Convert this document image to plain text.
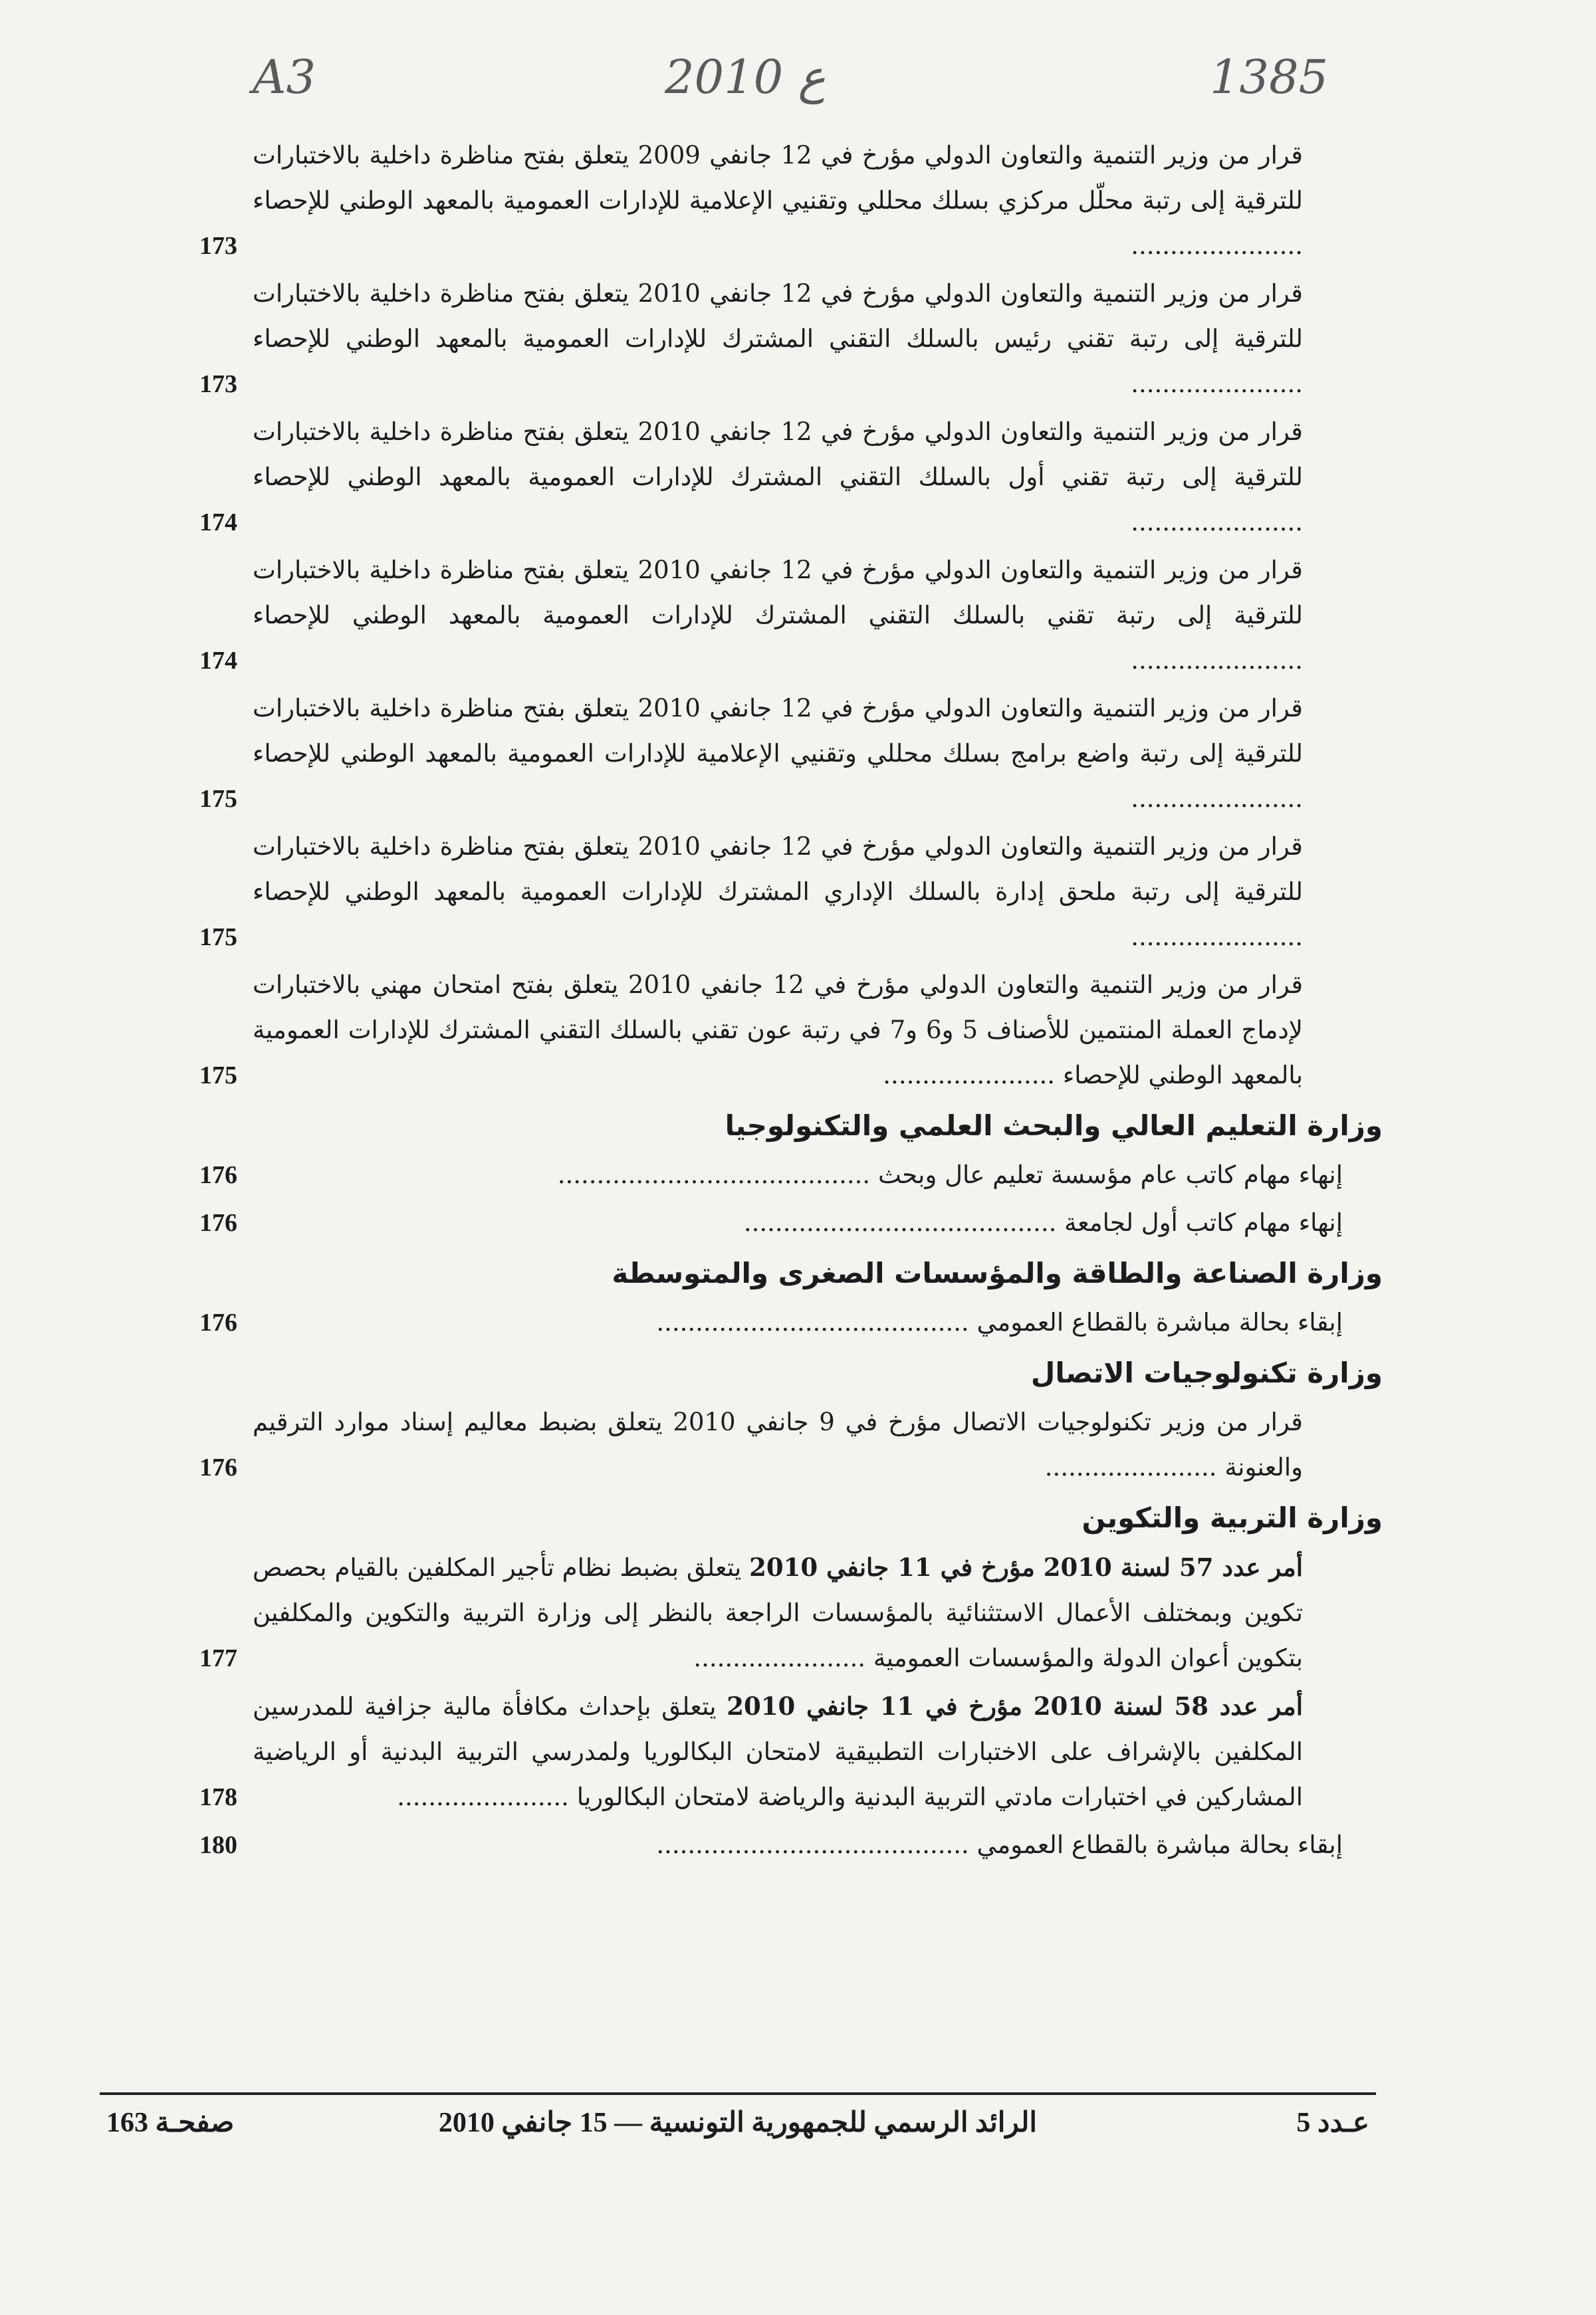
A3	ع 2010	1385
قرار من وزير التنمية والتعاون الدولي مؤرخ في 12 جانفي 2009 يتعلق بفتح مناظرة داخلية بالاختبارات للترقية إلى رتبة محلّل مركزي بسلك محللي وتقنيي الإعلامية للإدارات العمومية بالمعهد الوطني للإحصاء ......................
173
قرار من وزير التنمية والتعاون الدولي مؤرخ في 12 جانفي 2010 يتعلق بفتح مناظرة داخلية بالاختبارات للترقية إلى رتبة تقني رئيس بالسلك التقني المشترك للإدارات العمومية بالمعهد الوطني للإحصاء ......................
173
قرار من وزير التنمية والتعاون الدولي مؤرخ في 12 جانفي 2010 يتعلق بفتح مناظرة داخلية بالاختبارات للترقية إلى رتبة تقني أول بالسلك التقني المشترك للإدارات العمومية بالمعهد الوطني للإحصاء ......................
174
قرار من وزير التنمية والتعاون الدولي مؤرخ في 12 جانفي 2010 يتعلق بفتح مناظرة داخلية بالاختبارات للترقية إلى رتبة تقني بالسلك التقني المشترك للإدارات العمومية بالمعهد الوطني للإحصاء ......................
174
قرار من وزير التنمية والتعاون الدولي مؤرخ في 12 جانفي 2010 يتعلق بفتح مناظرة داخلية بالاختبارات للترقية إلى رتبة واضع برامج بسلك محللي وتقنيي الإعلامية للإدارات العمومية بالمعهد الوطني للإحصاء ......................
175
قرار من وزير التنمية والتعاون الدولي مؤرخ في 12 جانفي 2010 يتعلق بفتح مناظرة داخلية بالاختبارات للترقية إلى رتبة ملحق إدارة بالسلك الإداري المشترك للإدارات العمومية بالمعهد الوطني للإحصاء ......................
175
قرار من وزير التنمية والتعاون الدولي مؤرخ في 12 جانفي 2010 يتعلق بفتح امتحان مهني بالاختبارات لإدماج العملة المنتمين للأصناف 5 و6 و7 في رتبة عون تقني بالسلك التقني المشترك للإدارات العمومية بالمعهد الوطني للإحصاء ......................
175
وزارة التعليم العالي والبحث العلمي والتكنولوجيا
إنهاء مهام كاتب عام مؤسسة تعليم عال وبحث ........................................
176
إنهاء مهام كاتب أول لجامعة ........................................
176
وزارة الصناعة والطاقة والمؤسسات الصغرى والمتوسطة
إبقاء بحالة مباشرة بالقطاع العمومي ........................................
176
وزارة تكنولوجيات الاتصال
قرار من وزير تكنولوجيات الاتصال مؤرخ في 9 جانفي 2010 يتعلق بضبط معاليم إسناد موارد الترقيم والعنونة ......................
176
وزارة التربية والتكوين
أمر عدد 57 لسنة 2010 مؤرخ في 11 جانفي 2010 يتعلق بضبط نظام تأجير المكلفين بالقيام بحصص تكوين وبمختلف الأعمال الاستثنائية بالمؤسسات الراجعة بالنظر إلى وزارة التربية والتكوين والمكلفين بتكوين أعوان الدولة والمؤسسات العمومية ......................
177
أمر عدد 58 لسنة 2010 مؤرخ في 11 جانفي 2010 يتعلق بإحداث مكافأة مالية جزافية للمدرسين المكلفين بالإشراف على الاختبارات التطبيقية لامتحان البكالوريا ولمدرسي التربية البدنية أو الرياضية المشاركين في اختبارات مادتي التربية البدنية والرياضة لامتحان البكالوريا ......................
178
إبقاء بحالة مباشرة بالقطاع العمومي ........................................
180
صفحـة 163	الرائد الرسمي للجمهورية التونسية — 15 جانفي 2010	عـدد 5
